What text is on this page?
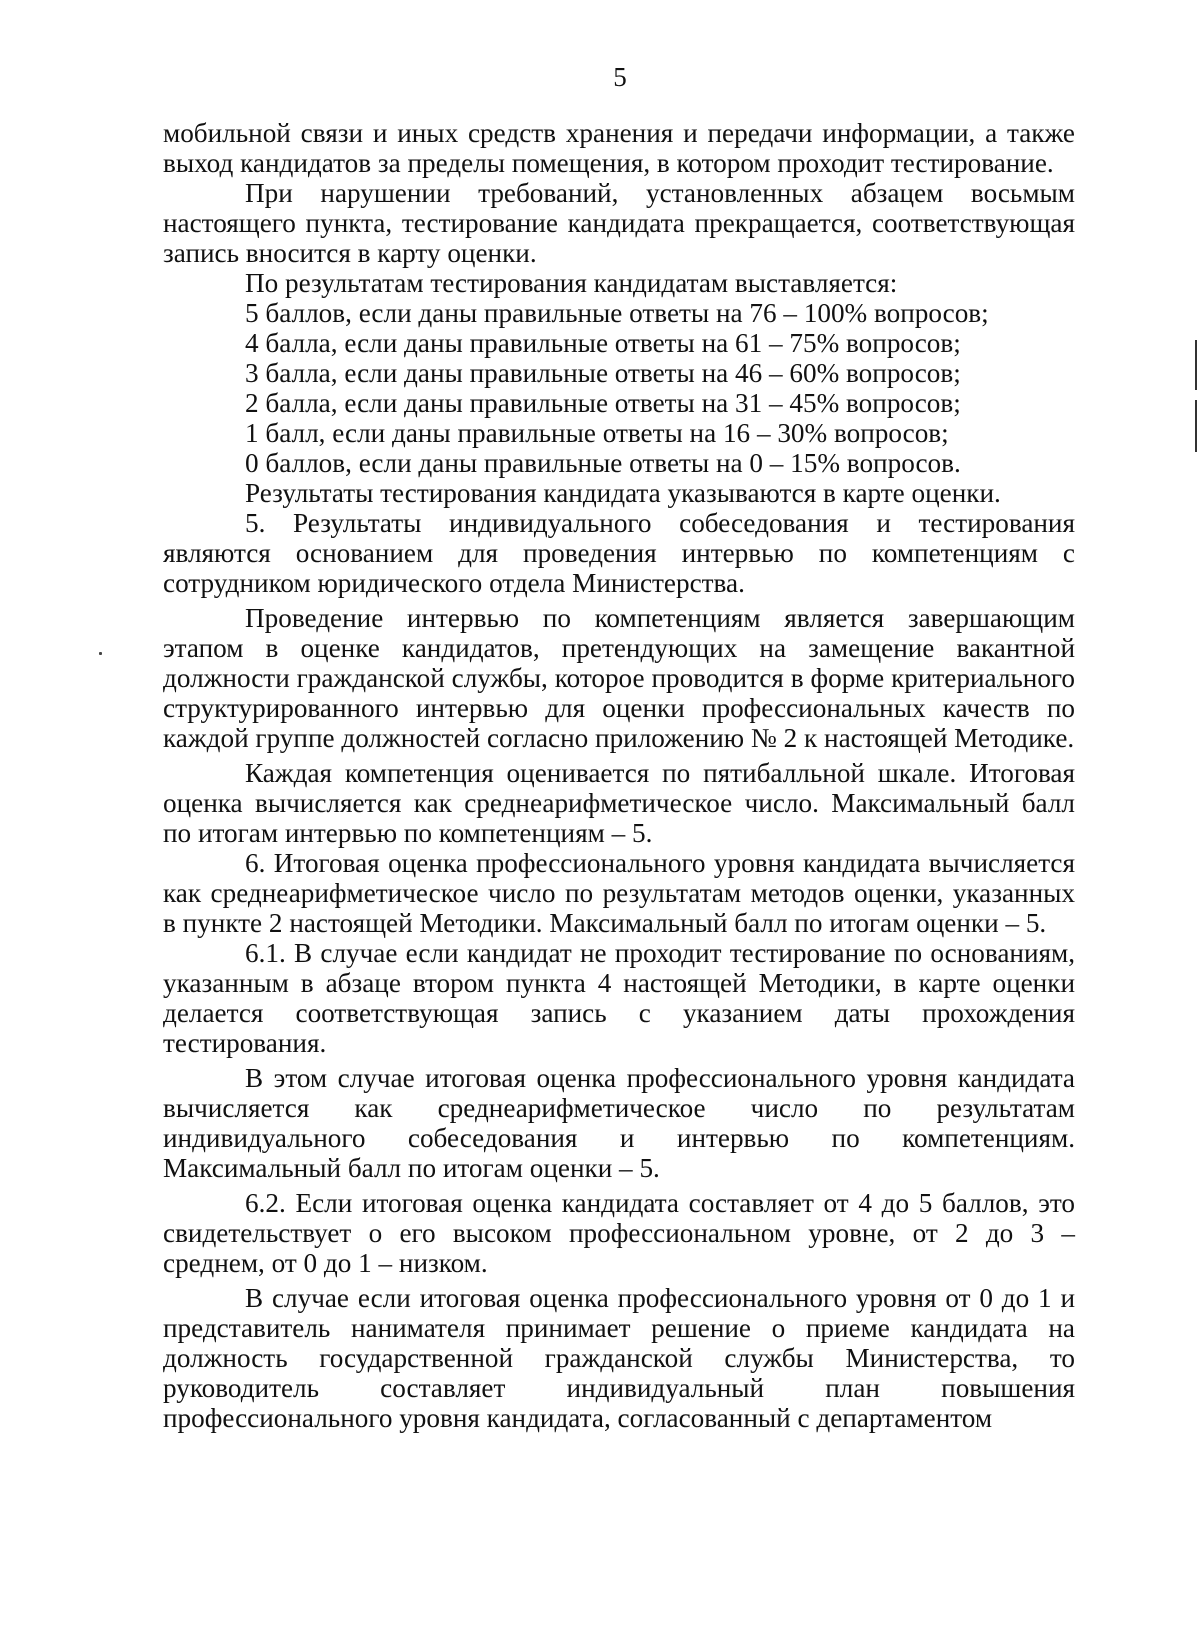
5

мобильной связи и иных средств хранения и передачи информации, а также выход кандидатов за пределы помещения, в котором проходит тестирование.

При нарушении требований, установленных абзацем восьмым настоящего пункта, тестирование кандидата прекращается, соответствующая запись вносится в карту оценки.

По результатам тестирования кандидатам выставляется:

5 баллов, если даны правильные ответы на 76 – 100% вопросов;

4 балла, если даны правильные ответы на 61 – 75% вопросов;

3 балла, если даны правильные ответы на 46 – 60% вопросов;

2 балла, если даны правильные ответы на 31 – 45% вопросов;

1 балл, если даны правильные ответы на 16 – 30% вопросов;

0 баллов, если даны правильные ответы на 0 – 15% вопросов.

Результаты тестирования кандидата указываются в карте оценки.

5. Результаты индивидуального собеседования и тестирования являются основанием для проведения интервью по компетенциям с сотрудником юридического отдела Министерства.

Проведение интервью по компетенциям является завершающим этапом в оценке кандидатов, претендующих на замещение вакантной должности гражданской службы, которое проводится в форме критериального структурированного интервью для оценки профессиональных качеств по каждой группе должностей согласно приложению № 2 к настоящей Методике.

Каждая компетенция оценивается по пятибалльной шкале. Итоговая оценка вычисляется как среднеарифметическое число. Максимальный балл по итогам интервью по компетенциям – 5.

6. Итоговая оценка профессионального уровня кандидата вычисляется как среднеарифметическое число по результатам методов оценки, указанных в пункте 2 настоящей Методики. Максимальный балл по итогам оценки – 5.

6.1. В случае если кандидат не проходит тестирование по основаниям, указанным в абзаце втором пункта 4 настоящей Методики, в карте оценки делается соответствующая запись с указанием даты прохождения тестирования.

В этом случае итоговая оценка профессионального уровня кандидата вычисляется как среднеарифметическое число по результатам индивидуального собеседования и интервью по компетенциям. Максимальный балл по итогам оценки – 5.

6.2. Если итоговая оценка кандидата составляет от 4 до 5 баллов, это свидетельствует о его высоком профессиональном уровне, от 2 до 3 – среднем, от 0 до 1 – низком.

В случае если итоговая оценка профессионального уровня от 0 до 1 и представитель нанимателя принимает решение о приеме кандидата на должность государственной гражданской службы Министерства, то руководитель составляет индивидуальный план повышения профессионального уровня кандидата, согласованный с департаментом
